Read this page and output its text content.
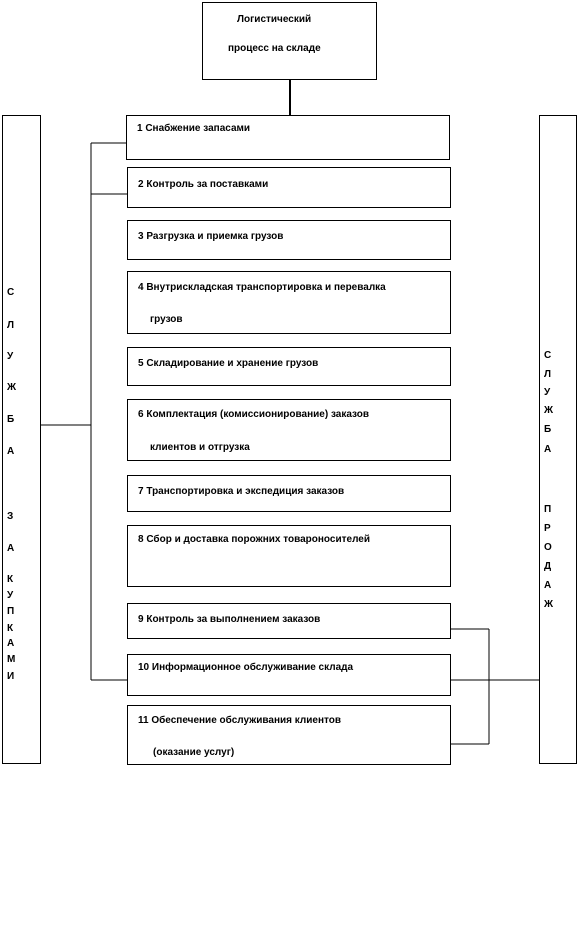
Логистический
процесс на складе
С
Л
У
Ж
Б
А
З
А
К
У
П
К
А
М
И
С
Л
У
Ж
Б
А
П
Р
О
Д
А
Ж
1 Снабжение запасами
2 Контроль за поставками
3 Разгрузка и приемка грузов
4 Внутрискладская транспортировка и перевалка
грузов
5 Складирование и хранение грузов
6 Комплектация (комиссионирование) заказов
клиентов и отгрузка
7 Транспортировка и экспедиция заказов
8 Сбор и доставка порожних товароносителей
9 Контроль за выполнением заказов
10 Информационное обслуживание склада
11 Обеспечение обслуживания клиентов
(оказание услуг)
